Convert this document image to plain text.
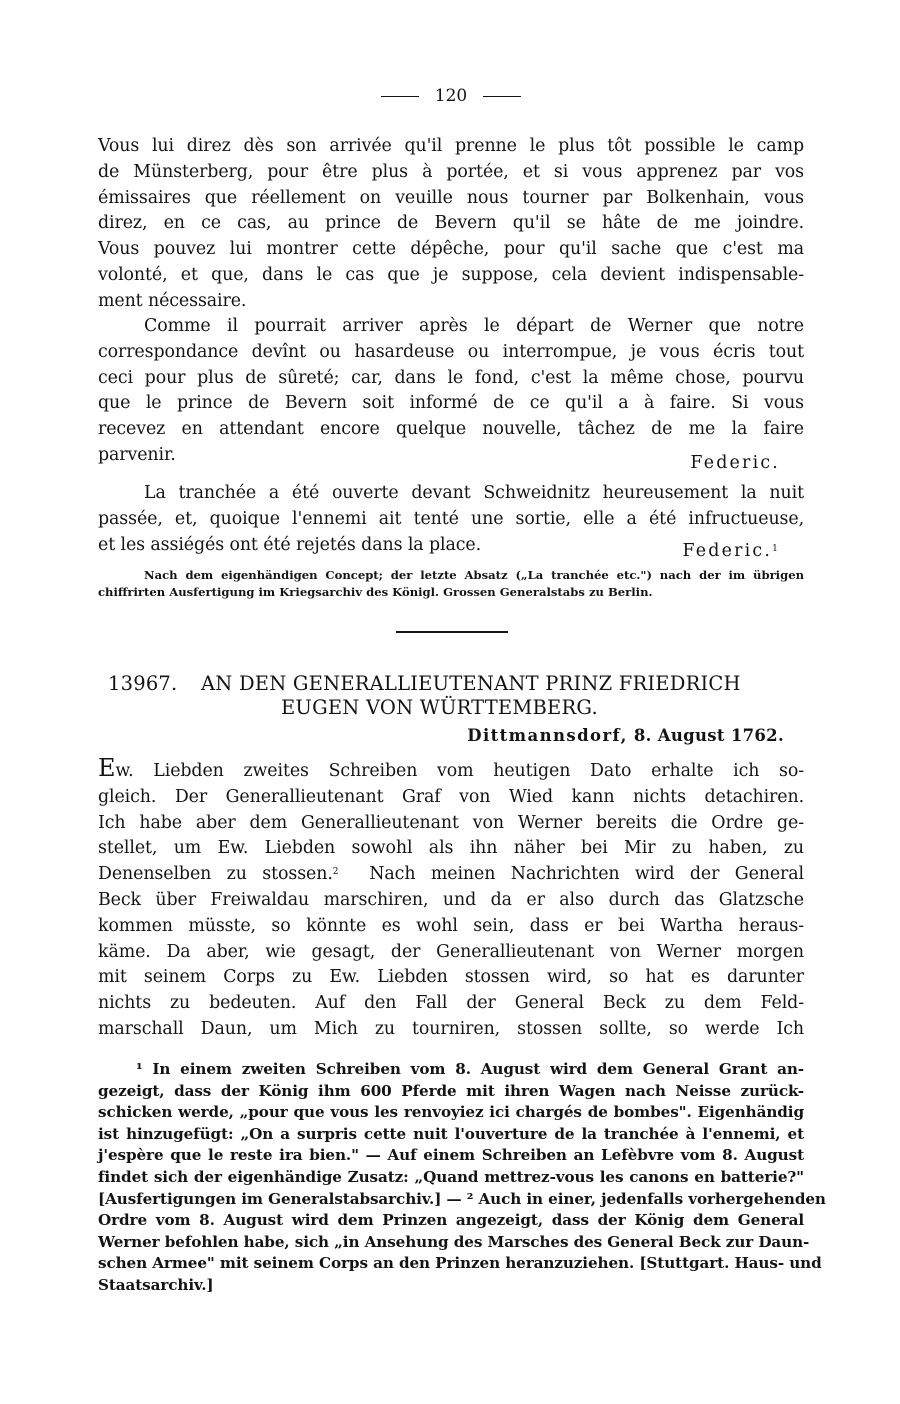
120
Vous lui direz dès son arrivée qu'il prenne le plus tôt possible le camp
de Münsterberg, pour être plus à portée, et si vous apprenez par vos
émissaires que réellement on veuille nous tourner par Bolkenhain, vous
direz, en ce cas, au prince de Bevern qu'il se hâte de me joindre.
Vous pouvez lui montrer cette dépêche, pour qu'il sache que c'est ma
volonté, et que, dans le cas que je suppose, cela devient indispensable-
ment nécessaire.
Comme il pourrait arriver après le départ de Werner que notre
correspondance devînt ou hasardeuse ou interrompue, je vous écris tout
ceci pour plus de sûreté; car, dans le fond, c'est la même chose, pourvu
que le prince de Bevern soit informé de ce qu'il a à faire. Si vous
recevez en attendant encore quelque nouvelle, tâchez de me la faire
parvenir.	Federic.
La tranchée a été ouverte devant Schweidnitz heureusement la nuit
passée, et, quoique l'ennemi ait tenté une sortie, elle a été infructueuse,
et les assiégés ont été rejetés dans la place.	Federic.$^1$
Nach dem eigenhändigen Concept; der letzte Absatz („La tranchée etc.") nach der im übrigen
chiffrirten Ausfertigung im Kriegsarchiv des Königl. Grossen Generalstabs zu Berlin.
13967. AN DEN GENERALLIEUTENANT PRINZ FRIEDRICH
EUGEN VON WÜRTTEMBERG.
Dittmannsdorf, 8. August 1762.
Ew. Liebden zweites Schreiben vom heutigen Dato erhalte ich so-
gleich. Der Generallieutenant Graf von Wied kann nichts detachiren.
Ich habe aber dem Generallieutenant von Werner bereits die Ordre ge-
stellet, um Ew. Liebden sowohl als ihn näher bei Mir zu haben, zu
Denenselben zu stossen.$^2$ Nach meinen Nachrichten wird der General
Beck über Freiwaldau marschiren, und da er also durch das Glatzsche
kommen müsste, so könnte es wohl sein, dass er bei Wartha heraus-
käme. Da aber, wie gesagt, der Generallieutenant von Werner morgen
mit seinem Corps zu Ew. Liebden stossen wird, so hat es darunter
nichts zu bedeuten. Auf den Fall der General Beck zu dem Feld-
marschall Daun, um Mich zu tourniren, stossen sollte, so werde Ich
¹ In einem zweiten Schreiben vom 8. August wird dem General Grant an-
gezeigt, dass der König ihm 600 Pferde mit ihren Wagen nach Neisse zurück-
schicken werde, „pour que vous les renvoyiez ici chargés de bombes". Eigenhändig
ist hinzugefügt: „On a surpris cette nuit l'ouverture de la tranchée à l'ennemi, et
j'espère que le reste ira bien." — Auf einem Schreiben an Lefèbvre vom 8. August
findet sich der eigenhändige Zusatz: „Quand mettrez-vous les canons en batterie?"
[Ausfertigungen im Generalstabsarchiv.] — ² Auch in einer, jedenfalls vorhergehenden
Ordre vom 8. August wird dem Prinzen angezeigt, dass der König dem General
Werner befohlen habe, sich „in Ansehung des Marsches des General Beck zur Daun-
schen Armee" mit seinem Corps an den Prinzen heranzuziehen. [Stuttgart. Haus- und
Staatsarchiv.]
